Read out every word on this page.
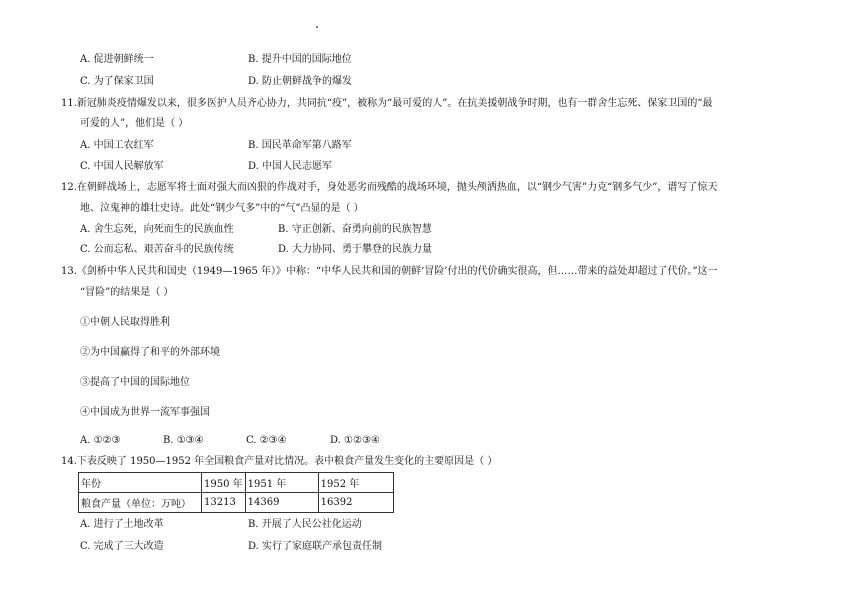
A. 促进朝鲜统一	B. 提升中国的国际地位
C. 为了保家卫国	D. 防止朝鲜战争的爆发
11.新冠肺炎疫情爆发以来，很多医护人员齐心协力，共同抗“疫”，被称为“最可爱的人”。在抗美援朝战争时期，也有一群舍生忘死、保家卫国的“最
可爱的人”，他们是（ ）
A. 中国工农红军	B. 国民革命军第八路军
C. 中国人民解放军	D. 中国人民志愿军
12.在朝鲜战场上，志愿军将士面对强大而凶狠的作战对手，身处恶劣而残酷的战场环境，抛头颅洒热血，以“钢少气害”力克“钢多气少”，谱写了惊天
地、泣鬼神的雄壮史诗。此处“钢少气多”中的“气”凸显的是（ ）
A. 舍生忘死，向死而生的民族血性	B. 守正创新、奋勇向前的民族智慧
C. 公而忘私、艰苦奋斗的民族传统	D. 大力协同、勇于攀登的民族力量
13.《剑桥中华人民共和国史（1949—1965 年）》中称：“中华人民共和国的朝鲜‘冒险’付出的代价确实很高，但……带来的益处却超过了代价。”这一
“冒险”的结果是（ ）
①中朝人民取得胜利
②为中国赢得了和平的外部环境
③提高了中国的国际地位
④中国成为世界一流军事强国
A. ①②③	B. ①③④	C. ②③④	D. ①②③④
14.下表反映了 1950—1952 年全国粮食产量对比情况。表中粮食产量发生变化的主要原因是（ ）
年份	1950 年	1951 年	1952 年
粮食产量（单位：万吨）	13213	14369	16392
A. 进行了土地改革	B. 开展了人民公社化运动
C. 完成了三大改造	D. 实行了家庭联产承包责任制
